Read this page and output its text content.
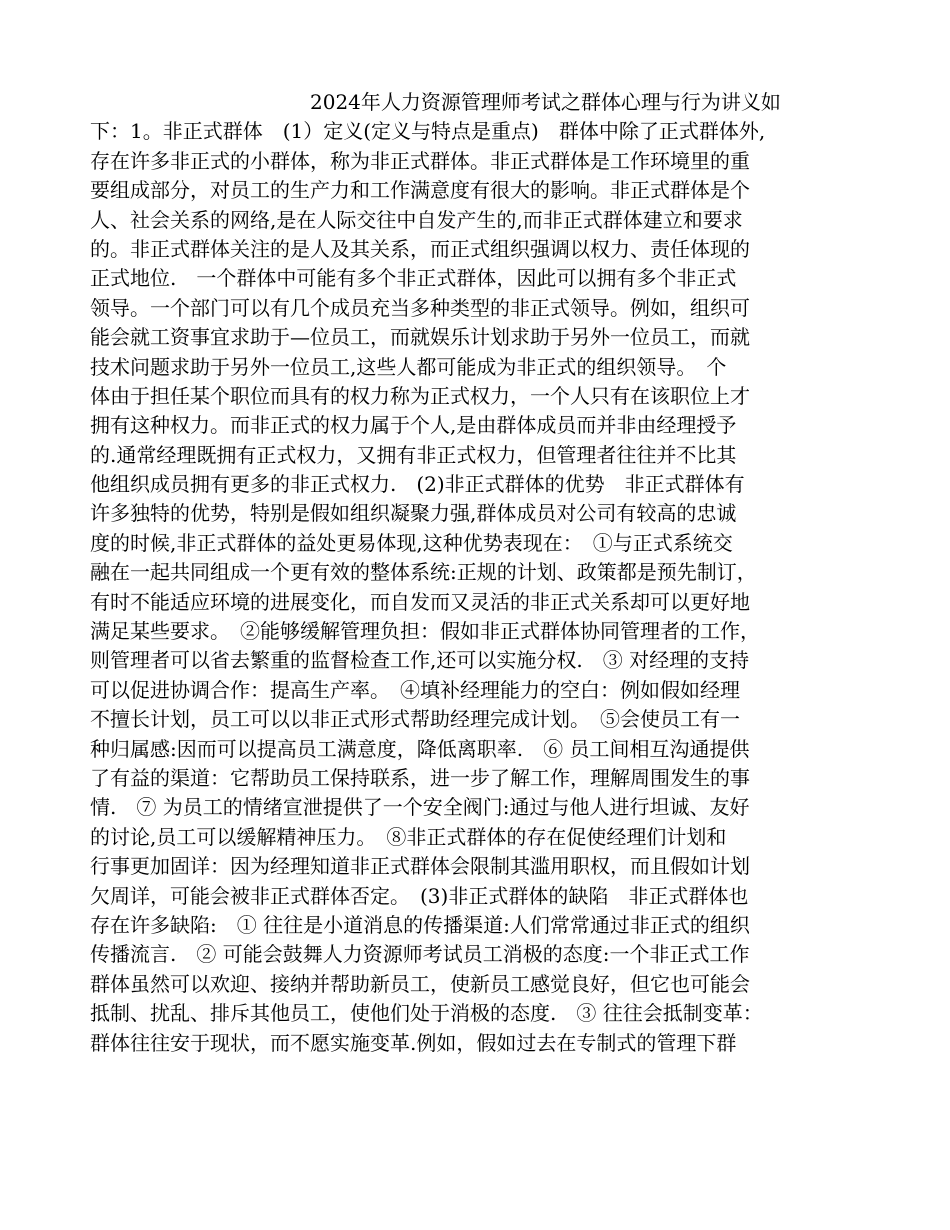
2024年人力资源管理师考试之群体心理与行为讲义如
下：1。非正式群体　(1）定义(定义与特点是重点)　群体中除了正式群体外,
存在许多非正式的小群体，称为非正式群体。非正式群体是工作环境里的重
要组成部分，对员工的生产力和工作满意度有很大的影响。非正式群体是个
人、社会关系的网络,是在人际交往中自发产生的,而非正式群体建立和要求
的。非正式群体关注的是人及其关系，而正式组织强调以权力、责任体现的
正式地位.　一个群体中可能有多个非正式群体，因此可以拥有多个非正式
领导。一个部门可以有几个成员充当多种类型的非正式领导。例如，组织可
能会就工资事宜求助于—位员工，而就娱乐计划求助于另外一位员工，而就
技术问题求助于另外一位员工,这些人都可能成为非正式的组织领导。　个
体由于担任某个职位而具有的权力称为正式权力，一个人只有在该职位上才
拥有这种权力。而非正式的权力属于个人,是由群体成员而并非由经理授予
的.通常经理既拥有正式权力，又拥有非正式权力，但管理者往往并不比其
他组织成员拥有更多的非正式权力.　(2)非正式群体的优势　非正式群体有
许多独特的优势，特别是假如组织凝聚力强,群体成员对公司有较高的忠诚
度的时候,非正式群体的益处更易体现,这种优势表现在：　①与正式系统交
融在一起共同组成一个更有效的整体系统:正规的计划、政策都是预先制订，
有时不能适应环境的进展变化，而自发而又灵活的非正式关系却可以更好地
满足某些要求。　②能够缓解管理负担：假如非正式群体协同管理者的工作，
则管理者可以省去繁重的监督检查工作,还可以实施分权.　③ 对经理的支持
可以促进协调合作：提高生产率。　④填补经理能力的空白：例如假如经理
不擅长计划，员工可以以非正式形式帮助经理完成计划。　⑤会使员工有一
种归属感:因而可以提高员工满意度，降低离职率.　⑥ 员工间相互沟通提供
了有益的渠道：它帮助员工保持联系，进一步了解工作，理解周围发生的事
情.　⑦ 为员工的情绪宣泄提供了一个安全阀门:通过与他人进行坦诚、友好
的讨论,员工可以缓解精神压力。　⑧非正式群体的存在促使经理们计划和
行事更加固详：因为经理知道非正式群体会限制其滥用职权，而且假如计划
欠周详，可能会被非正式群体否定。　(3)非正式群体的缺陷　非正式群体也
存在许多缺陷:　① 往往是小道消息的传播渠道:人们常常通过非正式的组织
传播流言.　② 可能会鼓舞人力资源师考试员工消极的态度:一个非正式工作
群体虽然可以欢迎、接纳并帮助新员工，使新员工感觉良好，但它也可能会
抵制、扰乱、排斥其他员工，使他们处于消极的态度.　③ 往往会抵制变革：
群体往往安于现状，而不愿实施变革.例如，假如过去在专制式的管理下群
